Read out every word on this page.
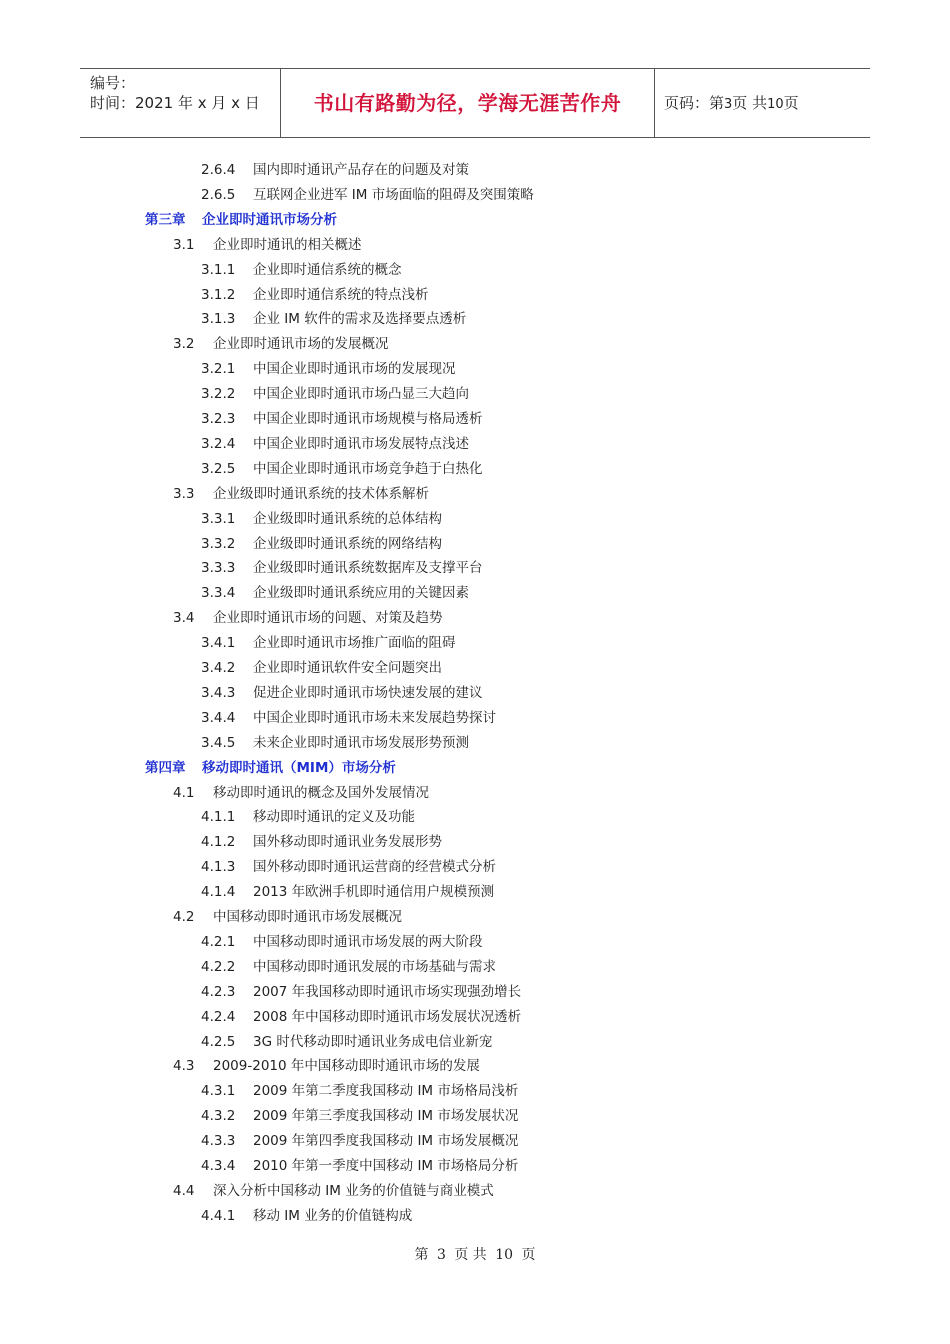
编号：
时间：2021 年 x 月 x 日	书山有路勤为径，学海无涯苦作舟	页码：第3页 共10页
2.6.4 国内即时通讯产品存在的问题及对策
2.6.5 互联网企业进军 IM 市场面临的阻碍及突围策略
第三章 企业即时通讯市场分析
3.1 企业即时通讯的相关概述
3.1.1 企业即时通信系统的概念
3.1.2 企业即时通信系统的特点浅析
3.1.3 企业 IM 软件的需求及选择要点透析
3.2 企业即时通讯市场的发展概况
3.2.1 中国企业即时通讯市场的发展现况
3.2.2 中国企业即时通讯市场凸显三大趋向
3.2.3 中国企业即时通讯市场规模与格局透析
3.2.4 中国企业即时通讯市场发展特点浅述
3.2.5 中国企业即时通讯市场竞争趋于白热化
3.3 企业级即时通讯系统的技术体系解析
3.3.1 企业级即时通讯系统的总体结构
3.3.2 企业级即时通讯系统的网络结构
3.3.3 企业级即时通讯系统数据库及支撑平台
3.3.4 企业级即时通讯系统应用的关键因素
3.4 企业即时通讯市场的问题、对策及趋势
3.4.1 企业即时通讯市场推广面临的阻碍
3.4.2 企业即时通讯软件安全问题突出
3.4.3 促进企业即时通讯市场快速发展的建议
3.4.4 中国企业即时通讯市场未来发展趋势探讨
3.4.5 未来企业即时通讯市场发展形势预测
第四章 移动即时通讯（MIM）市场分析
4.1 移动即时通讯的概念及国外发展情况
4.1.1 移动即时通讯的定义及功能
4.1.2 国外移动即时通讯业务发展形势
4.1.3 国外移动即时通讯运营商的经营模式分析
4.1.4 2013 年欧洲手机即时通信用户规模预测
4.2 中国移动即时通讯市场发展概况
4.2.1 中国移动即时通讯市场发展的两大阶段
4.2.2 中国移动即时通讯发展的市场基础与需求
4.2.3 2007 年我国移动即时通讯市场实现强劲增长
4.2.4 2008 年中国移动即时通讯市场发展状况透析
4.2.5 3G 时代移动即时通讯业务成电信业新宠
4.3 2009-2010 年中国移动即时通讯市场的发展
4.3.1 2009 年第二季度我国移动 IM 市场格局浅析
4.3.2 2009 年第三季度我国移动 IM 市场发展状况
4.3.3 2009 年第四季度我国移动 IM 市场发展概况
4.3.4 2010 年第一季度中国移动 IM 市场格局分析
4.4 深入分析中国移动 IM 业务的价值链与商业模式
4.4.1 移动 IM 业务的价值链构成
第 3 页 共 10 页
